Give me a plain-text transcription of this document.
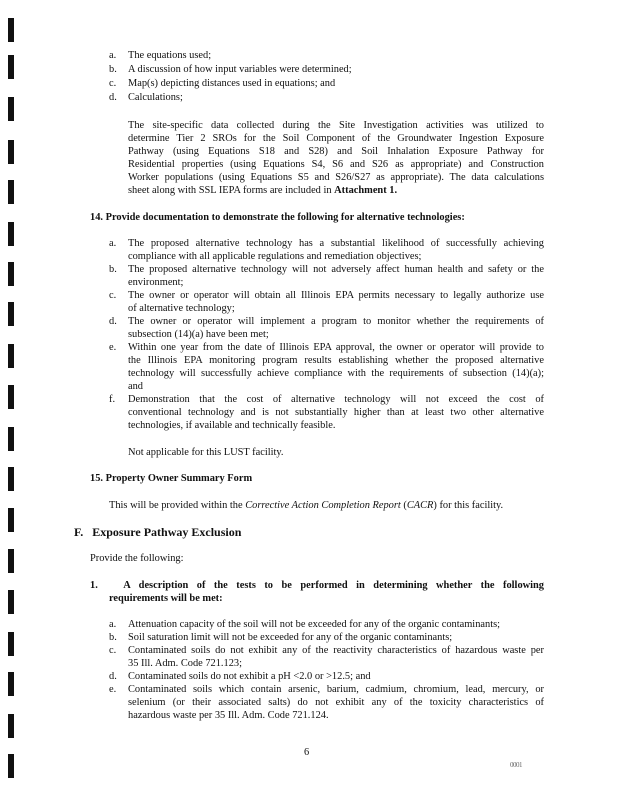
a. The equations used;
b. A discussion of how input variables were determined;
c. Map(s) depicting distances used in equations; and
d. Calculations;
The site-specific data collected during the Site Investigation activities was utilized to
determine Tier 2 SROs for the Soil Component of the Groundwater Ingestion Exposure
Pathway (using Equations S18 and S28) and Soil Inhalation Exposure Pathway for
Residential properties (using Equations S4, S6 and S26 as appropriate) and Construction
Worker populations (using Equations S5 and S26/S27 as appropriate). The data calculations
sheet along with SSL IEPA forms are included in Attachment 1.
14. Provide documentation to demonstrate the following for alternative technologies:
a. The proposed alternative technology has a substantial likelihood of successfully achieving
compliance with all applicable regulations and remediation objectives;
b. The proposed alternative technology will not adversely affect human health and safety or the
environment;
c. The owner or operator will obtain all Illinois EPA permits necessary to legally authorize use
of alternative technology;
d. The owner or operator will implement a program to monitor whether the requirements of
subsection (14)(a) have been met;
e. Within one year from the date of Illinois EPA approval, the owner or operator will provide to
the Illinois EPA monitoring program results establishing whether the proposed alternative
technology will successfully achieve compliance with the requirements of subsection (14)(a);
and
f. Demonstration that the cost of alternative technology will not exceed the cost of
conventional technology and is not substantially higher than at least two other alternative
technologies, if available and technically feasible.
Not applicable for this LUST facility.
15. Property Owner Summary Form
This will be provided within the Corrective Action Completion Report (CACR) for this facility.
F. Exposure Pathway Exclusion
Provide the following:
1. A description of the tests to be performed in determining whether the following
requirements will be met:
a. Attenuation capacity of the soil will not be exceeded for any of the organic contaminants;
b. Soil saturation limit will not be exceeded for any of the organic contaminants;
c. Contaminated soils do not exhibit any of the reactivity characteristics of hazardous waste per
35 Ill. Adm. Code 721.123;
d. Contaminated soils do not exhibit a pH <2.0 or >12.5; and
e. Contaminated soils which contain arsenic, barium, cadmium, chromium, lead, mercury, or
selenium (or their associated salts) do not exhibit any of the toxicity characteristics of
hazardous waste per 35 Ill. Adm. Code 721.124.
6
0001
